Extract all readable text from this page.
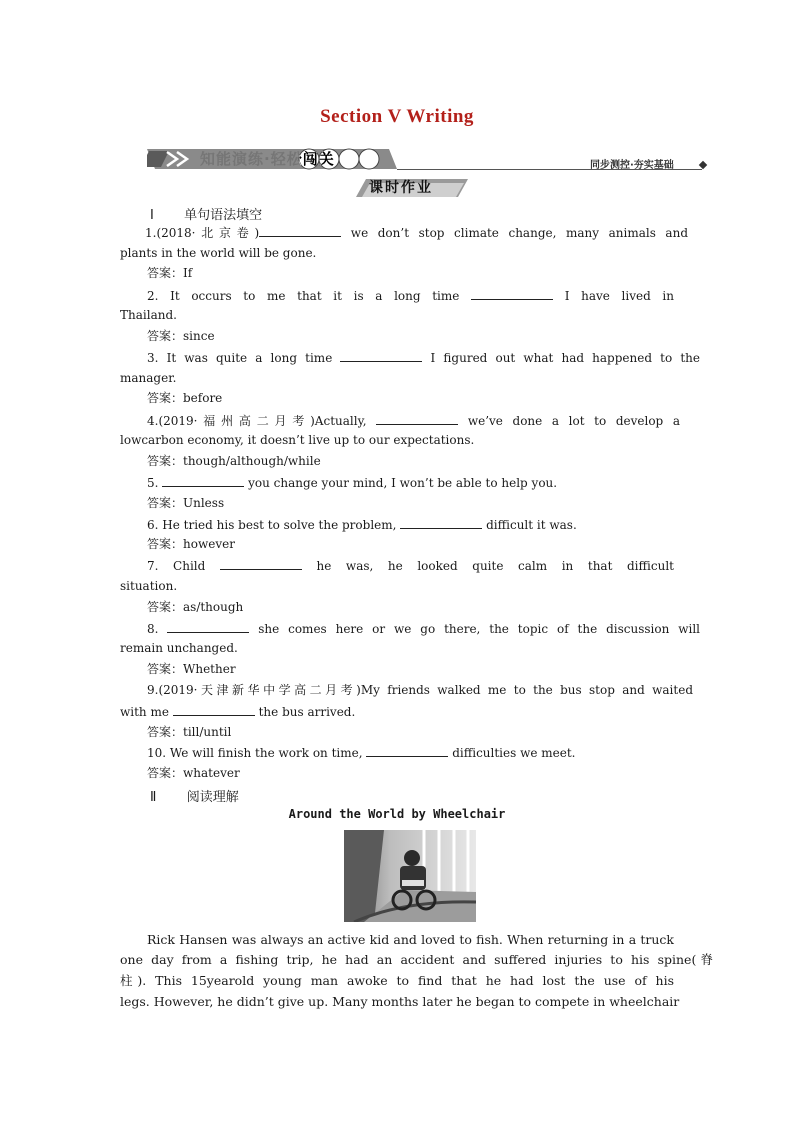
Section V Writing
知能演练·轻松闯关	同步测控·夯实基础
课时作业
Ⅰ 单句语法填空
1.(2018·北京卷)	we don’t stop climate change, many animals and
plants in the world will be gone.
答案：If
2. It occurs to me that it is a long time	I have lived in
Thailand.
答案：since
3. It was quite a long time	I figured out what had happened to the
manager.
答案：before
4.(2019·福州高二月考)Actually,	we’ve done a lot to develop a
lowcarbon economy, it doesn’t live up to our expectations.
答案：though/although/while
5.	you change your mind, I won’t be able to help you.
答案：Unless
6. He tried his best to solve the problem,	difficult it was.
答案：however
7. Child	he was, he looked quite calm in that difficult
situation.
答案：as/though
8.	she comes here or we go there, the topic of the discussion will
remain unchanged.
答案：Whether
9.(2019·天津新华中学高二月考)My friends walked me to the bus stop and waited
with me	the bus arrived.
答案：till/until
10. We will finish the work on time,	difficulties we meet.
答案：whatever
Ⅱ 阅读理解
Around the World by Wheelchair
Rick Hansen was always an active kid and loved to fish. When returning in a truck
one day from a fishing trip, he had an accident and suffered injuries to his spine(脊
柱). This 15yearold young man awoke to find that he had lost the use of his
legs. However, he didn’t give up. Many months later he began to compete in wheelchair
